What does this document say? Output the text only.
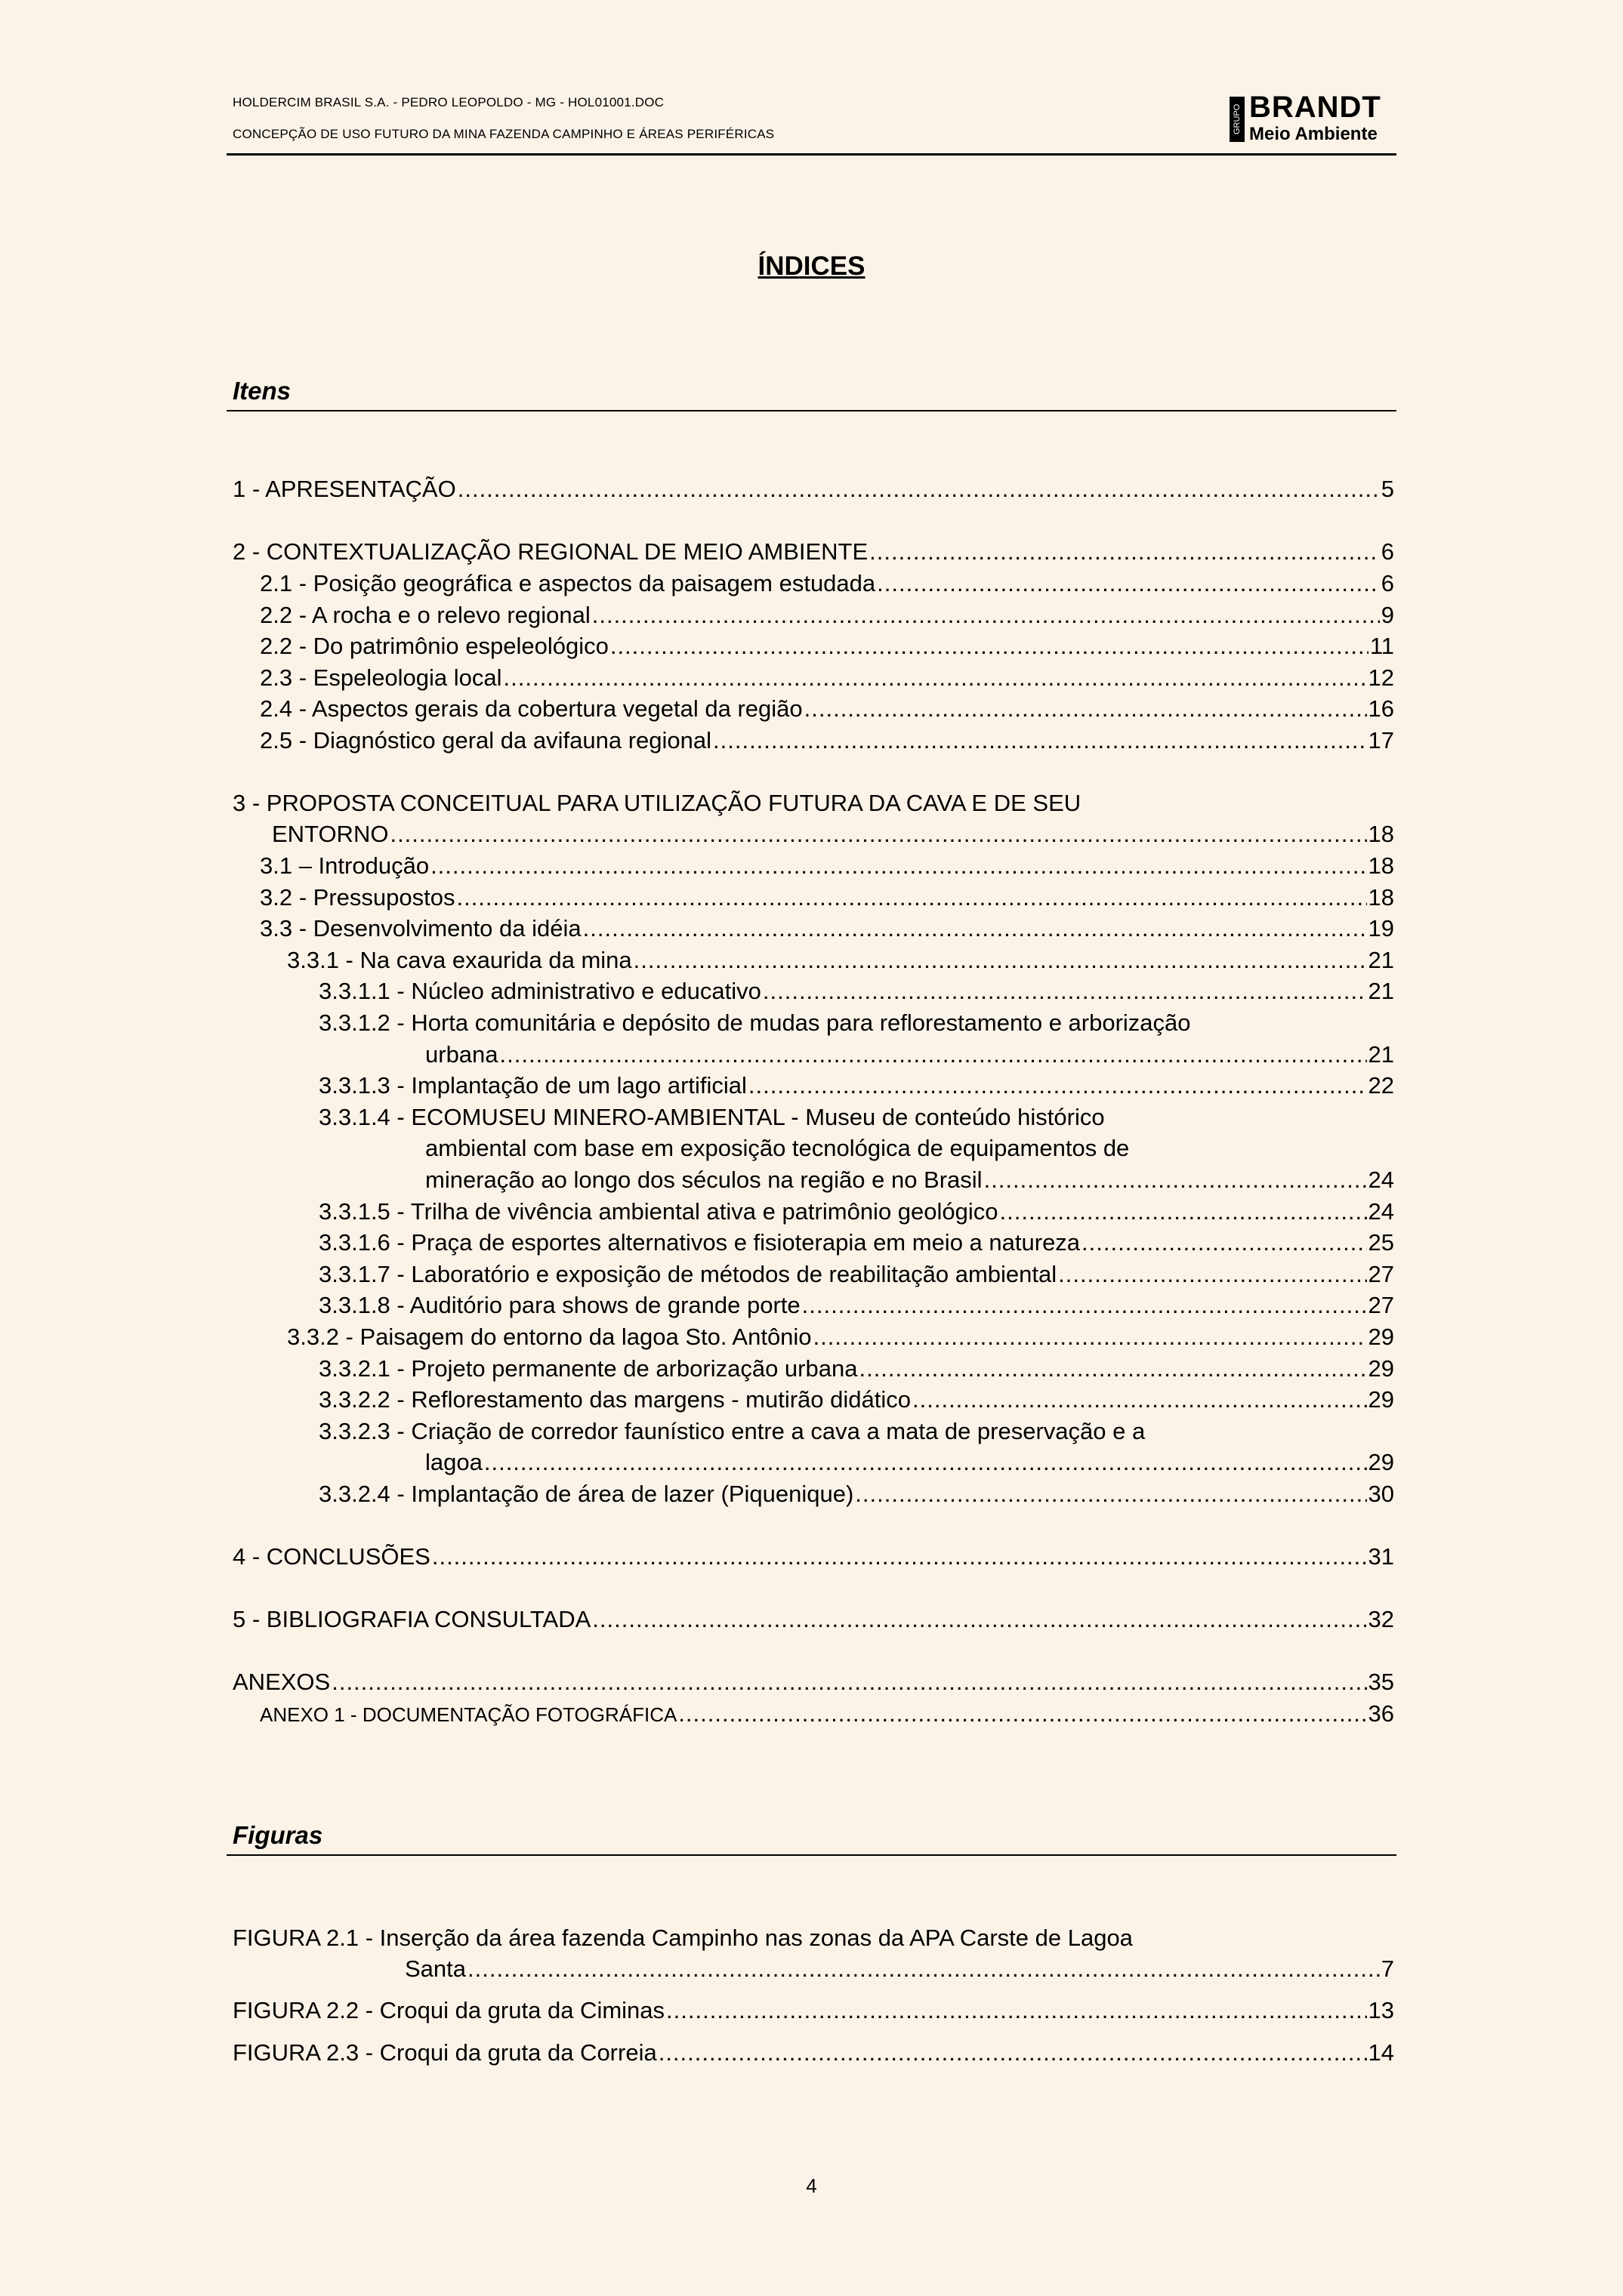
HOLDERCIM BRASIL S.A. - PEDRO LEOPOLDO - MG - HOL01001.DOC
CONCEPÇÃO DE USO FUTURO DA MINA FAZENDA CAMPINHO E ÁREAS PERIFÉRICAS	GRUPO BRANDT
Meio Ambiente
ÍNDICES
Itens
1 - APRESENTAÇÃO .....	5
2 - CONTEXTUALIZAÇÃO REGIONAL DE MEIO AMBIENTE .....	6
2.1 - Posição geográfica e aspectos da paisagem estudada .....	6
2.2 - A rocha e o relevo regional .....	9
2.2 - Do patrimônio espeleológico .....	11
2.3 - Espeleologia local .....	12
2.4 - Aspectos gerais da cobertura vegetal da região .....	16
2.5 - Diagnóstico geral da avifauna regional .....	17
3 - PROPOSTA CONCEITUAL PARA UTILIZAÇÃO FUTURA DA CAVA E DE SEU
ENTORNO .....	18
3.1 – Introdução .....	18
3.2 - Pressupostos .....	18
3.3 - Desenvolvimento da idéia .....	19
3.3.1 - Na cava exaurida da mina .....	21
3.3.1.1 - Núcleo administrativo e educativo .....	21
3.3.1.2 - Horta comunitária e depósito de mudas para reflorestamento e arborização
urbana .....	21
3.3.1.3 - Implantação de um lago artificial .....	22
3.3.1.4 - ECOMUSEU MINERO-AMBIENTAL - Museu de conteúdo histórico
ambiental com base em exposição tecnológica de equipamentos de
mineração ao longo dos séculos na região e no Brasil .....	24
3.3.1.5 - Trilha de vivência ambiental ativa e patrimônio geológico .....	24
3.3.1.6 - Praça de esportes alternativos e fisioterapia em meio a natureza .....	25
3.3.1.7 - Laboratório e exposição de métodos de reabilitação ambiental .....	27
3.3.1.8 - Auditório para shows de grande porte .....	27
3.3.2 - Paisagem do entorno da lagoa Sto. Antônio .....	29
3.3.2.1 - Projeto permanente de arborização urbana .....	29
3.3.2.2 - Reflorestamento das margens - mutirão didático .....	29
3.3.2.3 - Criação de corredor faunístico entre a cava a mata de preservação e a
lagoa .....	29
3.3.2.4 - Implantação de área de lazer (Piquenique) .....	30
4 - CONCLUSÕES .....	31
5 - BIBLIOGRAFIA CONSULTADA .....	32
ANEXOS .....	35
ANEXO 1 - DOCUMENTAÇÃO FOTOGRÁFICA .....	36
Figuras
FIGURA 2.1 - Inserção da área fazenda Campinho nas zonas da APA Carste de Lagoa
Santa .....	7
FIGURA 2.2 - Croqui da gruta da Ciminas .....	13
FIGURA 2.3 - Croqui da gruta da Correia .....	14
4
